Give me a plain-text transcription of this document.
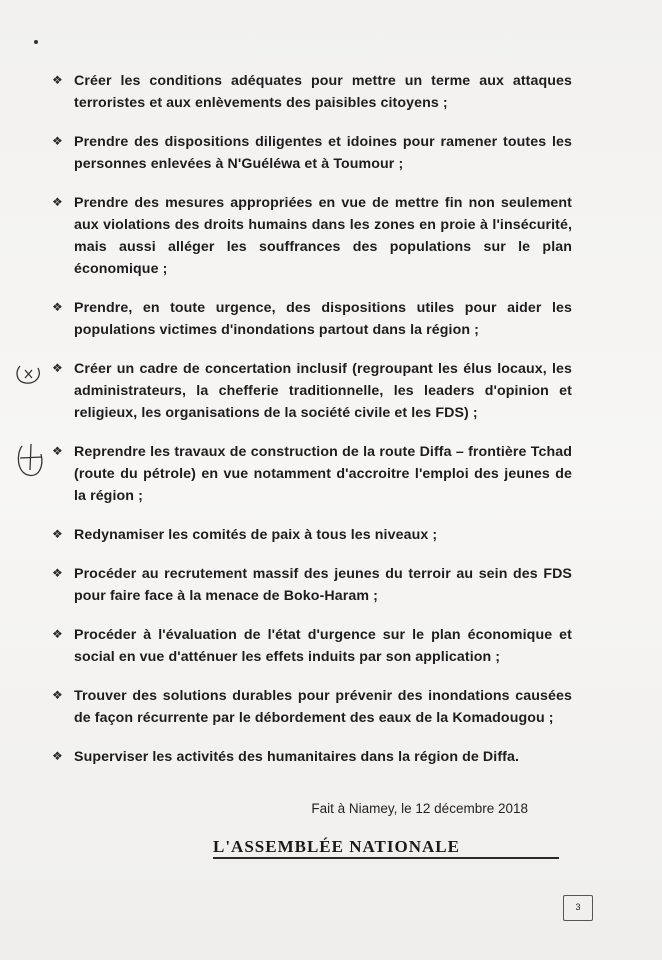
❖ Créer les conditions adéquates pour mettre un terme aux attaques terroristes et aux enlèvements des paisibles citoyens ;
❖ Prendre des dispositions diligentes et idoines pour ramener toutes les personnes enlevées à N'Guéléwa et à Toumour ;
❖ Prendre des mesures appropriées en vue de mettre fin non seulement aux violations des droits humains dans les zones en proie à l'insécurité, mais aussi alléger les souffrances des populations sur le plan économique ;
❖ Prendre, en toute urgence, des dispositions utiles pour aider les populations victimes d'inondations partout dans la région ;
❖ Créer un cadre de concertation inclusif (regroupant les élus locaux, les administrateurs, la chefferie traditionnelle, les leaders d'opinion et religieux, les organisations de la société civile et les FDS) ;
❖ Reprendre les travaux de construction de la route Diffa – frontière Tchad (route du pétrole) en vue notamment d'accroitre l'emploi des jeunes de la région ;
❖ Redynamiser les comités de paix à tous les niveaux ;
❖ Procéder au recrutement massif des jeunes du terroir au sein des FDS pour faire face à la menace de Boko-Haram ;
❖ Procéder à l'évaluation de l'état d'urgence sur le plan économique et social en vue d'atténuer les effets induits par son application ;
❖ Trouver des solutions durables pour prévenir des inondations causées de façon récurrente par le débordement des eaux de la Komadougou ;
❖ Superviser les activités des humanitaires dans la région de Diffa.
Fait à Niamey, le 12 décembre 2018
L'ASSEMBLÉE NATIONALE
3
